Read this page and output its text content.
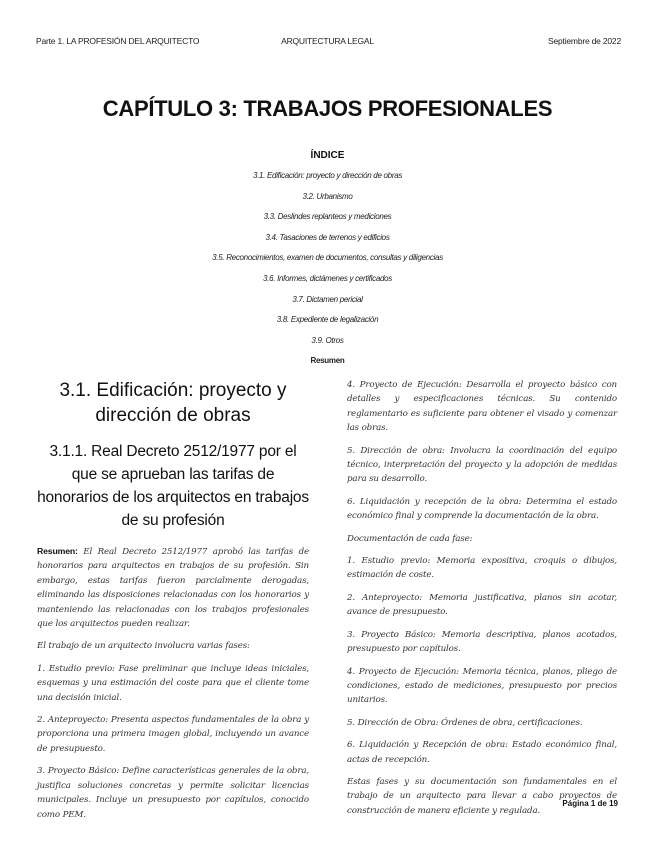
Parte 1. LA PROFESIÓN DEL ARQUITECTO	ARQUITECTURA LEGAL	Septiembre de 2022
CAPÍTULO 3: TRABAJOS PROFESIONALES
ÍNDICE
3.1. Edificación: proyecto y dirección de obras
3.2. Urbanismo
3.3. Deslindes replanteos y mediciones
3.4. Tasaciones de terrenos y edificios
3.5. Reconocimientos, examen de documentos, consultas y diligencias
3.6. Informes, dictámenes y certificados
3.7. Dictamen pericial
3.8. Expediente de legalización
3.9. Otros
Resumen
3.1. Edificación: proyecto y dirección de obras
3.1.1. Real Decreto 2512/1977 por el que se aprueban las tarifas de honorarios de los arquitectos en trabajos de su profesión

Resumen: El Real Decreto 2512/1977 aprobó las tarifas de honorarios para arquitectos en trabajos de su profesión. Sin embargo, estas tarifas fueron parcialmente derogadas, eliminando las disposiciones relacionadas con los honorarios y manteniendo las relacionadas con los trabajos profesionales que los arquitectos pueden realizar.

El trabajo de un arquitecto involucra varias fases:

1. Estudio previo: Fase preliminar que incluye ideas iniciales, esquemas y una estimación del coste para que el cliente tome una decisión inicial.

2. Anteproyecto: Presenta aspectos fundamentales de la obra y proporciona una primera imagen global, incluyendo un avance de presupuesto.

3. Proyecto Básico: Define características generales de la obra, justifica soluciones concretas y permite solicitar licencias municipales. Incluye un presupuesto por capítulos, conocido como PEM.

4. Proyecto de Ejecución: Desarrolla el proyecto básico con detalles y especificaciones técnicas. Su contenido reglamentario es suficiente para obtener el visado y comenzar las obras.

5. Dirección de obra: Involucra la coordinación del equipo técnico, interpretación del proyecto y la adopción de medidas para su desarrollo.

6. Liquidación y recepción de la obra: Determina el estado económico final y comprende la documentación de la obra.

Documentación de cada fase:

1. Estudio previo: Memoria expositiva, croquis o dibujos, estimación de coste.

2. Anteproyecto: Memoria justificativa, planos sin acotar, avance de presupuesto.

3. Proyecto Básico: Memoria descriptiva, planos acotados, presupuesto por capítulos.

4. Proyecto de Ejecución: Memoria técnica, planos, pliego de condiciones, estado de mediciones, presupuesto por precios unitarios.

5. Dirección de Obra: Órdenes de obra, certificaciones.

6. Liquidación y Recepción de obra: Estado económico final, actas de recepción.

Estas fases y su documentación son fundamentales en el trabajo de un arquitecto para llevar a cabo proyectos de construcción de manera eficiente y regulada.

Página 1 de 19
